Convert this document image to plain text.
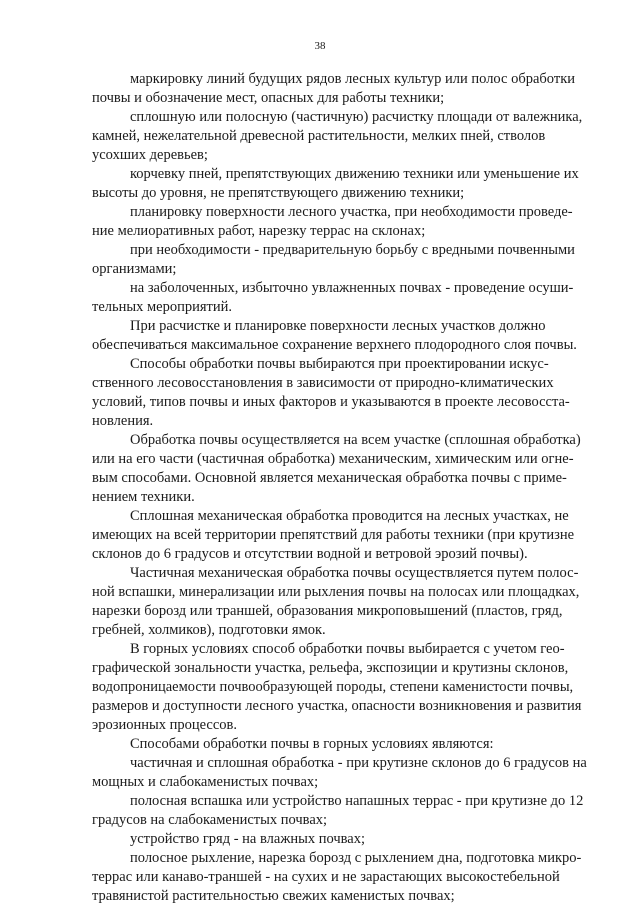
38

маркировку линий будущих рядов лесных культур или полос обработки
почвы и обозначение мест, опасных для работы техники;

сплошную или полосную (частичную) расчистку площади от валежника,
камней, нежелательной древесной растительности, мелких пней, стволов
усохших деревьев;

корчевку пней, препятствующих движению техники или уменьшение их
высоты до уровня, не препятствующего движению техники;

планировку поверхности лесного участка, при необходимости проведе-
ние мелиоративных работ, нарезку террас на склонах;

при необходимости - предварительную борьбу с вредными почвенными
организмами;

на заболоченных, избыточно увлажненных почвах - проведение осуши-
тельных мероприятий.

При расчистке и планировке поверхности лесных участков должно
обеспечиваться максимальное сохранение верхнего плодородного слоя почвы.

Способы обработки почвы выбираются при проектировании искус-
ственного лесовосстановления в зависимости от природно-климатических
условий, типов почвы и иных факторов и указываются в проекте лесовосста-
новления.

Обработка почвы осуществляется на всем участке (сплошная обработка)
или на его части (частичная обработка) механическим, химическим или огне-
вым способами. Основной является механическая обработка почвы с приме-
нением техники.

Сплошная механическая обработка проводится на лесных участках, не
имеющих на всей территории препятствий для работы техники (при крутизне
склонов до 6 градусов и отсутствии водной и ветровой эрозий почвы).

Частичная механическая обработка почвы осуществляется путем полос-
ной вспашки, минерализации или рыхления почвы на полосах или площадках,
нарезки борозд или траншей, образования микроповышений (пластов, гряд,
гребней, холмиков), подготовки ямок.

В горных условиях способ обработки почвы выбирается с учетом гео-
графической зональности участка, рельефа, экспозиции и крутизны склонов,
водопроницаемости почвообразующей породы, степени каменистости почвы,
размеров и доступности лесного участка, опасности возникновения и развития
эрозионных процессов.

Способами обработки почвы в горных условиях являются:

частичная и сплошная обработка - при крутизне склонов до 6 градусов на
мощных и слабокаменистых почвах;

полосная вспашка или устройство напашных террас - при крутизне до 12
градусов на слабокаменистых почвах;

устройство гряд - на влажных почвах;

полосное рыхление, нарезка борозд с рыхлением дна, подготовка микро-
террас или канаво-траншей - на сухих и не зарастающих высокостебельной
травянистой растительностью свежих каменистых почвах;
